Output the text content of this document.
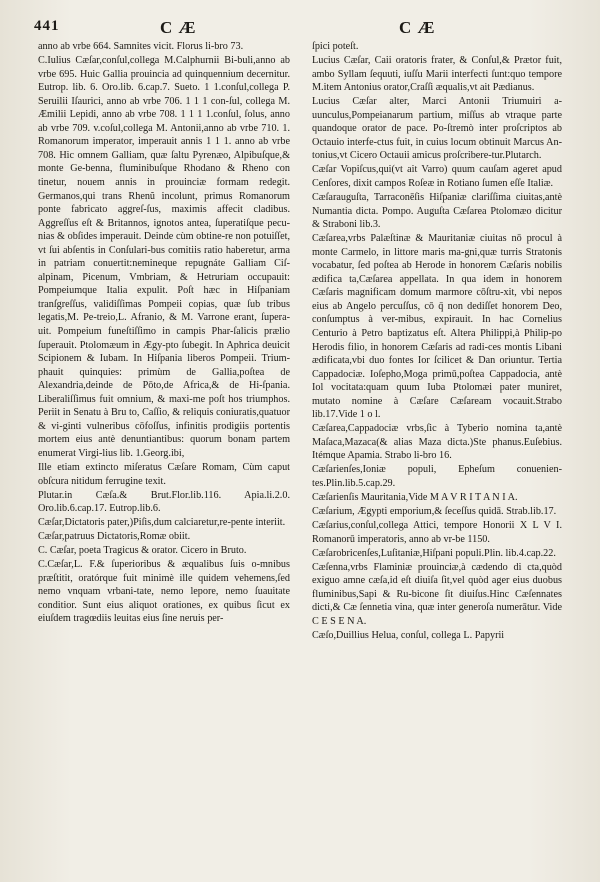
441	C Æ	C Æ

anno ab vrbe 664. Samnites vicit. Florus li-bro 73.

C.Iulius Cæſar,conſul,collega M.Calphurnii Bi-buli,anno ab vrbe 695. Huic Gallia prouincia ad quinquennium decernitur. Eutrop. lib. 6. Oro.lib. 6.cap.7. Sueto. 1 1.conſul,collega P. Seruilii Iſaurici, anno ab vrbe 706. 1 1 1 con-ſul, collega M. Æmilii Lepidi, anno ab vrbe 708. 1 1 1 1.conſul, ſolus, anno ab vrbe 709. v.coſul,collega M. Antonii,anno ab vrbe 710. 1. Romanorum imperator, imperauit annis 1 1 1. anno ab vrbe 708. Hic omnem Galliam, quæ ſaltu Pyrenæo, Alpibuſque,& monte Ge-benna, fluminibuſque Rhodano & Rheno con tinetur, nouem annis in prouinciæ formam redegit. Germanos,qui trans Rhenũ incolunt, primus Romanorum ponte fabricato aggreſ-ſus, maximis affecit cladibus. Aggreſſus eſt & Britannos, ignotos antea, ſuperatiſque pecu-nias & obſides imperauit. Deinde cùm obtine-re non potuiſſet, vt ſui abſentis in Conſulari-bus comitiis ratio haberetur, arma in patriam conuertit:nemineque repugnáte Galliam Ciſ-alpinam, Picenum, Vmbriam, & Hetruriam occupauit: Pompeiumque Italia expulit. Poſt hæc in Hiſpaniam tranſgreſſus, validiſſimas Pompeii copias, quæ ſub tribus legatis,M. Pe-treio,L. Afranio, & M. Varrone erant, ſupera-uit. Pompeium funeſtiſſimo in campis Phar-ſalicis prælio ſuperauit. Ptolomæum in Ægy-pto ſubegit. In Aphrica deuicit Scipionem & Iubam. In Hiſpania liberos Pompeii. Trium-phauit quinquies: primùm de Gallia,poſtea de Alexandria,deinde de Pōto,de Africa,& de Hi-ſpania. Liberaliſſimus fuit omnium, & maxi-me poſt hos triumphos. Periit in Senatu à Bru to, Caſſio, & reliquis coniuratis,quatuor & vi-ginti vulneribus cōfoſſus, infinitis prodigiis portentis mortem eius antè denuntiantibus: quorum bonam partem enumerat Virgi-lius lib. 1.Georg.ibi,

Ille etiam extincto miſeratus Cæſare Romam, Cùm caput obſcura nitidum ferrugine texit.

Plutar.in Cæſa.& Brut.Flor.lib.116. Apia.li.2.0. Oro.lib.6.cap.17. Eutrop.lib.6.

Cæſar,Dictatoris pater,)Piſis,dum calciaretur,re-pente interiit.

Cæſar,patruus Dictatoris,Romæ obiit.

C. Cæſar, poeta Tragicus & orator. Cicero in Bruto.

C.Cæſar,L. F.& ſuperioribus & æqualibus ſuis o-mnibus præſtitit, oratórque fuit minimè ille quidem vehemens,ſed nemo vnquam vrbani-tate, nemo lepore, nemo ſuauitate conditior. Sunt eius aliquot orationes, ex quibus ſicut ex eiuſdem tragœdiis leuitas eius ſine neruis per-

ſpici poteſt.

Lucius Cæſar, Caii oratoris frater, & Conſul,& Prætor fuit, ambo Syllam ſequuti, iuſſu Marii interfecti ſunt:quo tempore M.item Antonius orator,Craſſi æqualis,vt ait Pædianus.

Lucius Cæſar alter, Marci Antonii Triumuiri a-uunculus,Pompeianarum partium, miſſus ab vtraque parte quandoque orator de pace. Po-ſtremò inter proſcriptos ab Octauio interfe-ctus fuit, in cuius locum obtinuit Marcus An-tonius,vt Cicero Octauii amicus proſcribere-tur.Plutarch.

Cæſar Vopiſcus,qui(vt ait Varro) quum cauſam ageret apud Cenſores, dixit campos Roſeæ in Rotiano ſumen eſſe Italiæ.

Cæſarauguſta, Tarraconēſis Hiſpaniæ clariſſima ciuitas,antè Numantia dicta. Pompo. Auguſta Cæſarea Ptolomæo dicitur & Straboni lib.3.

Cæſarea,vrbs Palæſtinæ & Mauritaniæ ciuitas nō procul à monte Carmelo, in littore maris ma-gni,quæ turris Stratonis vocabatur, ſed poſtea ab Herode in honorem Cæſaris nobilis ædifica ta,Cæſarea appellata. In qua idem in honorem Cæſaris magnificam domum marmore cōſtru-xit, vbi nepos eius ab Angelo percuſſus, cō q̄ non dediſſet honorem Deo, conſumptus à ver-mibus, expirauit. In hac Cornelius Centurio à Petro baptizatus eſt. Altera Philippi,à Philip-po Herodis filio, in honorem Cæſaris ad radi-ces montis Libani ædificata,vbi duo fontes Ior ſcilicet & Dan oriuntur. Tertia Cappadociæ. Ioſepho,Moga primū,poſtea Cappadocia, antè Iol vocitata:quam quum Iuba Ptolomæi pater muniret, mutato nomine à Cæſare Cæſaream vocauit.Strabo lib.17.Vide 1 o l.

Cæſarea,Cappadociæ vrbs,ſic à Tyberio nomina ta,antè Maſaca,Mazaca(& alias Maza dicta.)Ste phanus.Euſebius. Itémque Apamia. Strabo li-bro 16.

Cæſarienſes,Ioniæ populi, Epheſum conuenien-tes.Plin.lib.5.cap.29.

Cæſarienſis Mauritania,Vide M A V R I T A N I A.

Cæſarium, Ægypti emporium,& ſeceſſus quidā. Strab.lib.17.

Cæſarius,conſul,collega Attici, tempore Honorii X L V I. Romanorū imperatoris, anno ab vr-be 1150.

Cæſarobricenſes,Luſitaniæ,Hiſpani populi.Plin. lib.4.cap.22.

Cæſenna,vrbs Flaminiæ prouinciæ,à cædendo di cta,quòd exiguo amne cæſa,id eſt diuiſa ſit,vel quòd ager eius duobus fluminibus,Sapi & Ru-bicone ſit diuiſus.Hinc Cæſennates dicti,& Cæ ſennetia vina, quæ inter generoſa numerātur. Vide C E S E N A.

Cæſo,Duillius Helua, conſul, collega L. Papyrii
